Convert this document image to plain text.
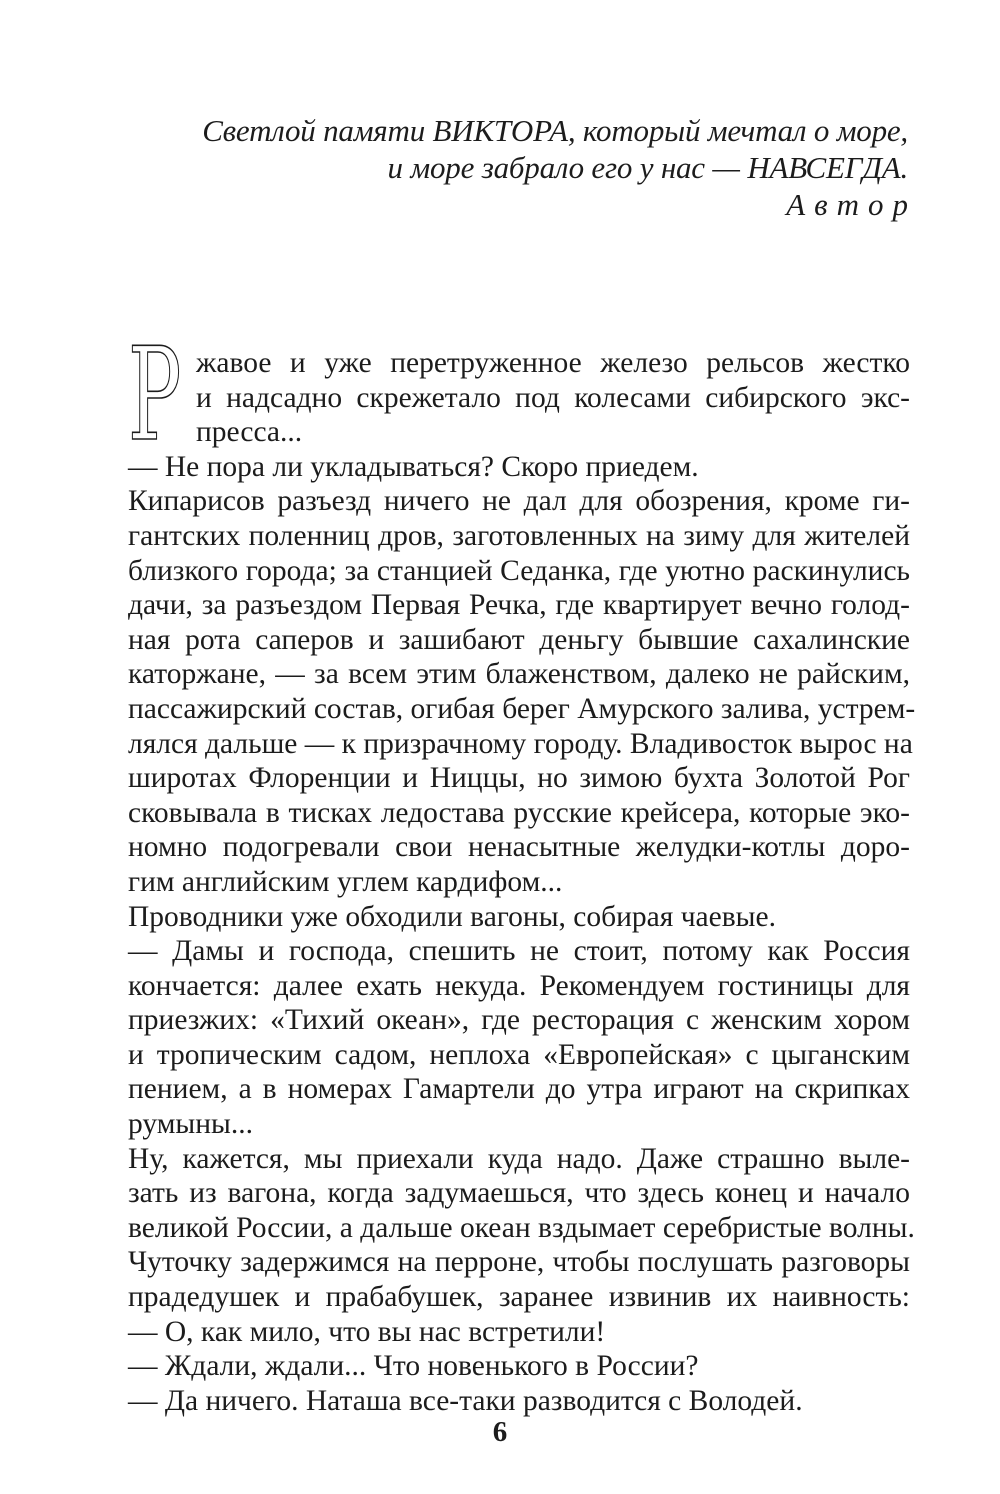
Светлой памяти ВИКТОРА, который мечтал о море,
и море забрало его у нас — НАВСЕГДА.
Автор
Р жавое и уже перетруженное железо рельсов жестко
и надсадно скрежетало под колесами сибирского экс-
пресса...
— Не пора ли укладываться? Скоро приедем.
Кипарисов разъезд ничего не дал для обозрения, кроме ги-
гантских поленниц дров, заготовленных на зиму для жителей
близкого города; за станцией Седанка, где уютно раскинулись
дачи, за разъездом Первая Речка, где квартирует вечно голод-
ная рота саперов и зашибают деньгу бывшие сахалинские
каторжане, — за всем этим блаженством, далеко не райским,
пассажирский состав, огибая берег Амурского залива, устрем-
лялся дальше — к призрачному городу. Владивосток вырос на
широтах Флоренции и Ниццы, но зимою бухта Золотой Рог
сковывала в тисках ледостава русские крейсера, которые эко-
номно подогревали свои ненасытные желудки-котлы доро-
гим английским углем кардифом...
Проводники уже обходили вагоны, собирая чаевые.
— Дамы и господа, спешить не стоит, потому как Россия
кончается: далее ехать некуда. Рекомендуем гостиницы для
приезжих: «Тихий океан», где ресторация с женским хором
и тропическим садом, неплоха «Европейская» с цыганским
пением, а в номерах Гамартели до утра играют на скрипках
румыны...
Ну, кажется, мы приехали куда надо. Даже страшно выле-
зать из вагона, когда задумаешься, что здесь конец и начало
великой России, а дальше океан вздымает серебристые волны.
Чуточку задержимся на перроне, чтобы послушать разговоры
прадедушек и прабабушек, заранее извинив их наивность:
— О, как мило, что вы нас встретили!
— Ждали, ждали... Что новенького в России?
— Да ничего. Наташа все-таки разводится с Володей.
6
